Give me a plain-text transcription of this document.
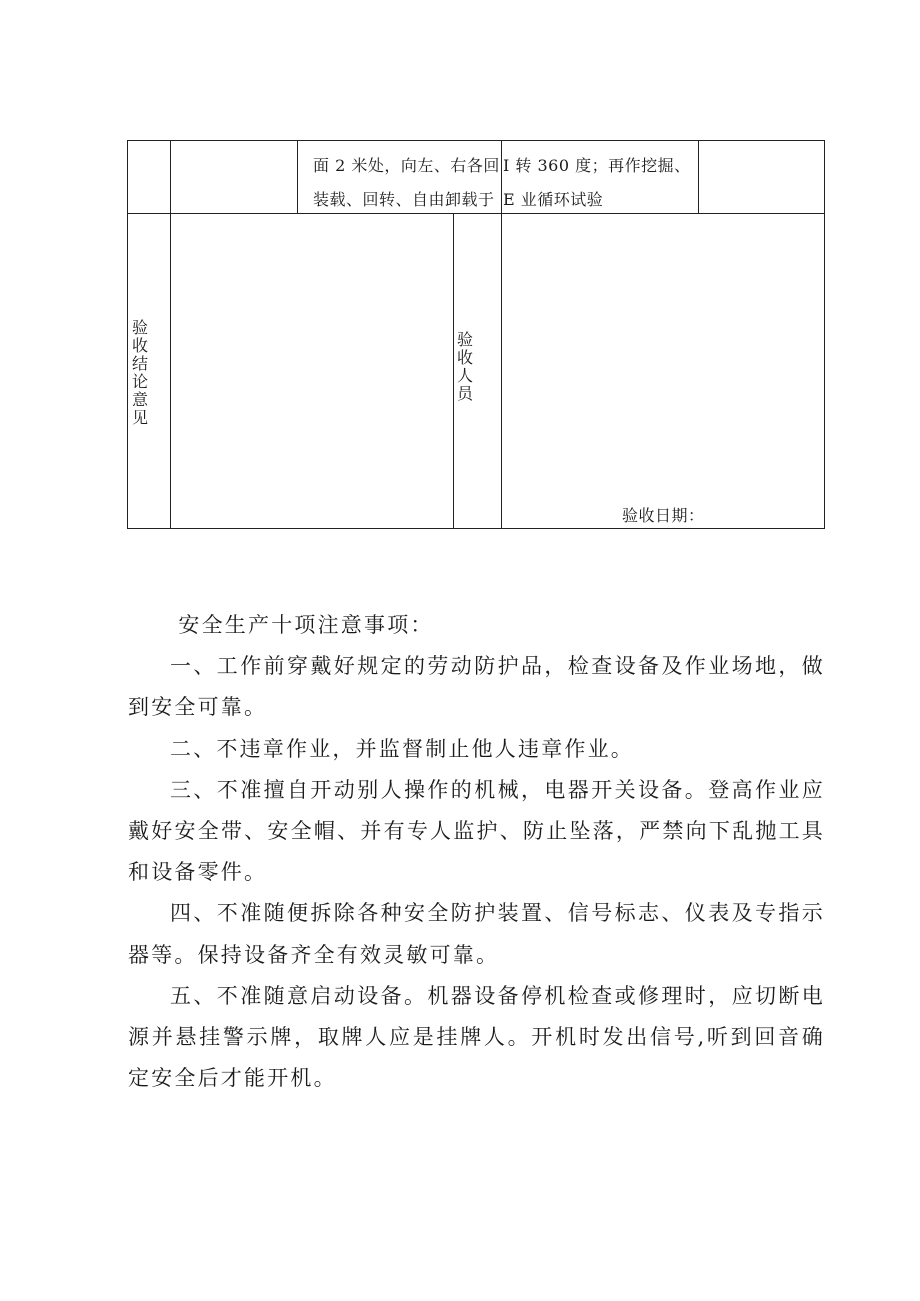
面 2 米处，向左、右各回
装载、回转、自由卸载于
I 转 360 度；再作挖掘、
E 业循环试验
验收结论意见
验收人员
验收日期：

安全生产十项注意事项：

一、工作前穿戴好规定的劳动防护品，检查设备及作业场地，做到安全可靠。

二、不违章作业，并监督制止他人违章作业。

三、不准擅自开动别人操作的机械，电器开关设备。登高作业应戴好安全带、安全帽、并有专人监护、防止坠落，严禁向下乱抛工具和设备零件。

四、不准随便拆除各种安全防护装置、信号标志、仪表及专指示器等。保持设备齐全有效灵敏可靠。

五、不准随意启动设备。机器设备停机检查或修理时，应切断电源并悬挂警示牌，取牌人应是挂牌人。开机时发出信号,听到回音确定安全后才能开机。
